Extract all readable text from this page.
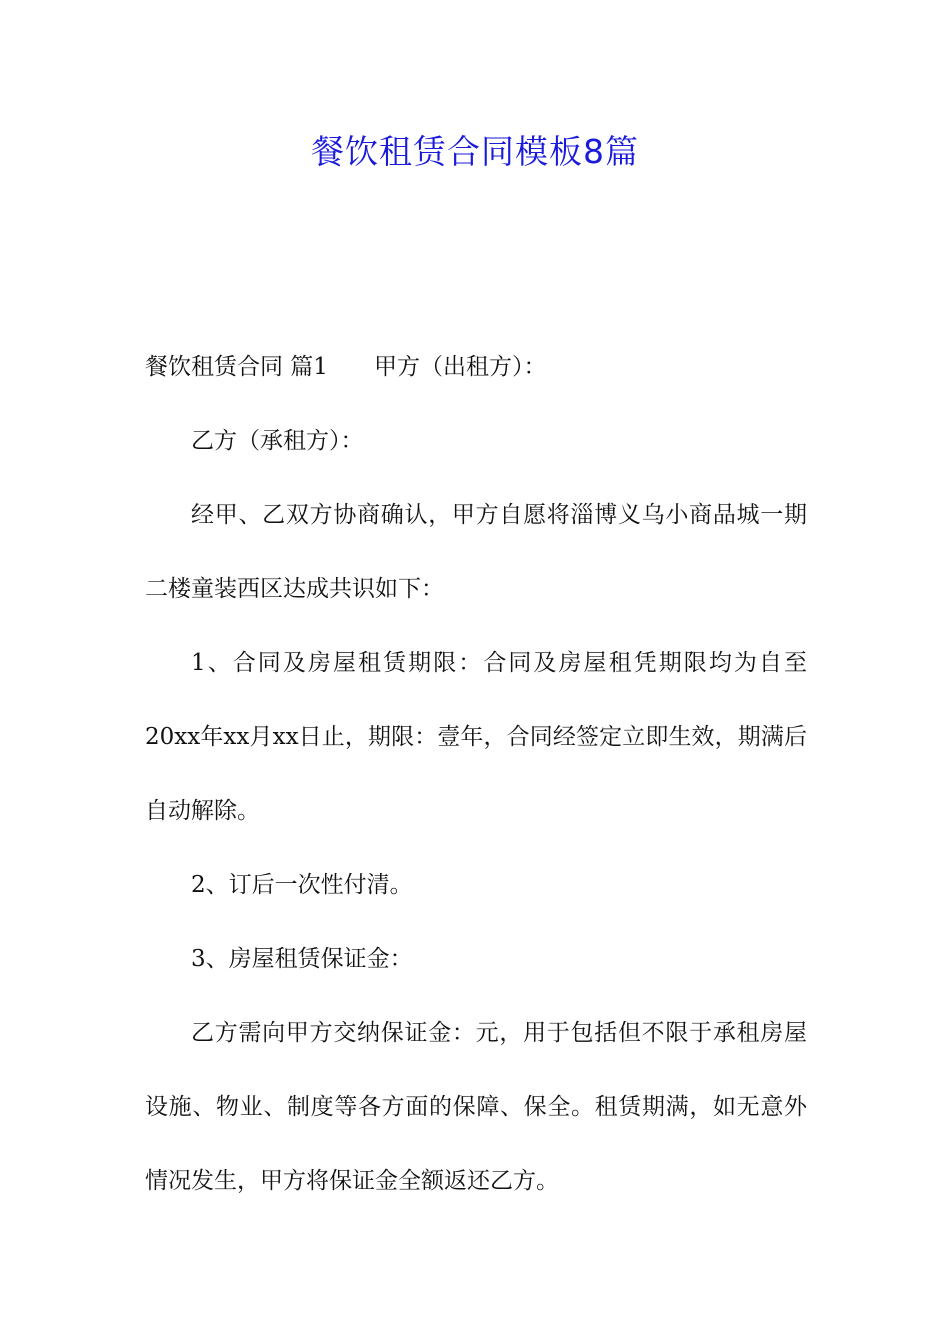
餐饮租赁合同模板8篇

餐饮租赁合同 篇1 甲方（出租方）：

乙方（承租方）：

经甲、乙双方协商确认，甲方自愿将淄博义乌小商品城一期二楼童装西区达成共识如下：

1、合同及房屋租赁期限：合同及房屋租凭期限均为自至20xx年xx月xx日止，期限：壹年，合同经签定立即生效，期满后自动解除。

2、订后一次性付清。

3、房屋租赁保证金：

乙方需向甲方交纳保证金：元，用于包括但不限于承租房屋设施、物业、制度等各方面的保障、保全。租赁期满，如无意外情况发生，甲方将保证金全额返还乙方。
